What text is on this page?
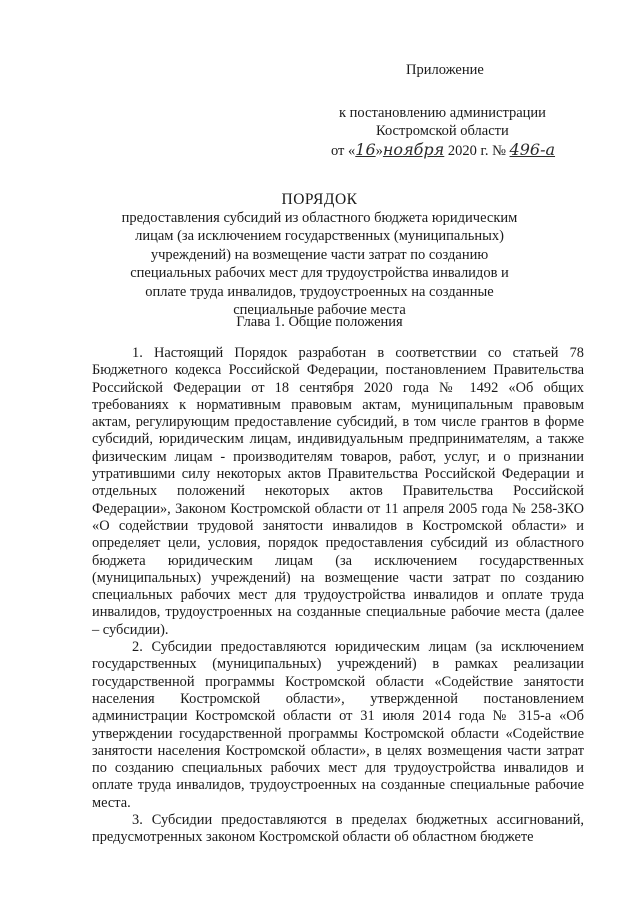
Приложение
к постановлению администрации
Костромской области
от «16»ноября 2020 г. № 496-а
ПОРЯДОК
предоставления субсидий из областного бюджета юридическим лицам (за исключением государственных (муниципальных) учреждений) на возмещение части затрат по созданию специальных рабочих мест для трудоустройства инвалидов и оплате труда инвалидов, трудоустроенных на созданные специальные рабочие места
Глава 1. Общие положения

1. Настоящий Порядок разработан в соответствии со статьей 78 Бюджетного кодекса Российской Федерации, постановлением Правительства Российской Федерации от 18 сентября 2020 года № 1492 «Об общих требованиях к нормативным правовым актам, муниципальным правовым актам, регулирующим предоставление субсидий, в том числе грантов в форме субсидий, юридическим лицам, индивидуальным предпринимателям, а также физическим лицам - производителям товаров, работ, услуг, и о признании утратившими силу некоторых актов Правительства Российской Федерации и отдельных положений некоторых актов Правительства Российской Федерации», Законом Костромской области от 11 апреля 2005 года № 258-ЗКО «О содействии трудовой занятости инвалидов в Костромской области» и определяет цели, условия, порядок предоставления субсидий из областного бюджета юридическим лицам (за исключением государственных (муниципальных) учреждений) на возмещение части затрат по созданию специальных рабочих мест для трудоустройства инвалидов и оплате труда инвалидов, трудоустроенных на созданные специальные рабочие места (далее – субсидии).

2. Субсидии предоставляются юридическим лицам (за исключением государственных (муниципальных) учреждений) в рамках реализации государственной программы Костромской области «Содействие занятости населения Костромской области», утвержденной постановлением администрации Костромской области от 31 июля 2014 года № 315-а «Об утверждении государственной программы Костромской области «Содействие занятости населения Костромской области», в целях возмещения части затрат по созданию специальных рабочих мест для трудоустройства инвалидов и оплате труда инвалидов, трудоустроенных на созданные специальные рабочие места.

3. Субсидии предоставляются в пределах бюджетных ассигнований, предусмотренных законом Костромской области об областном бюджете
